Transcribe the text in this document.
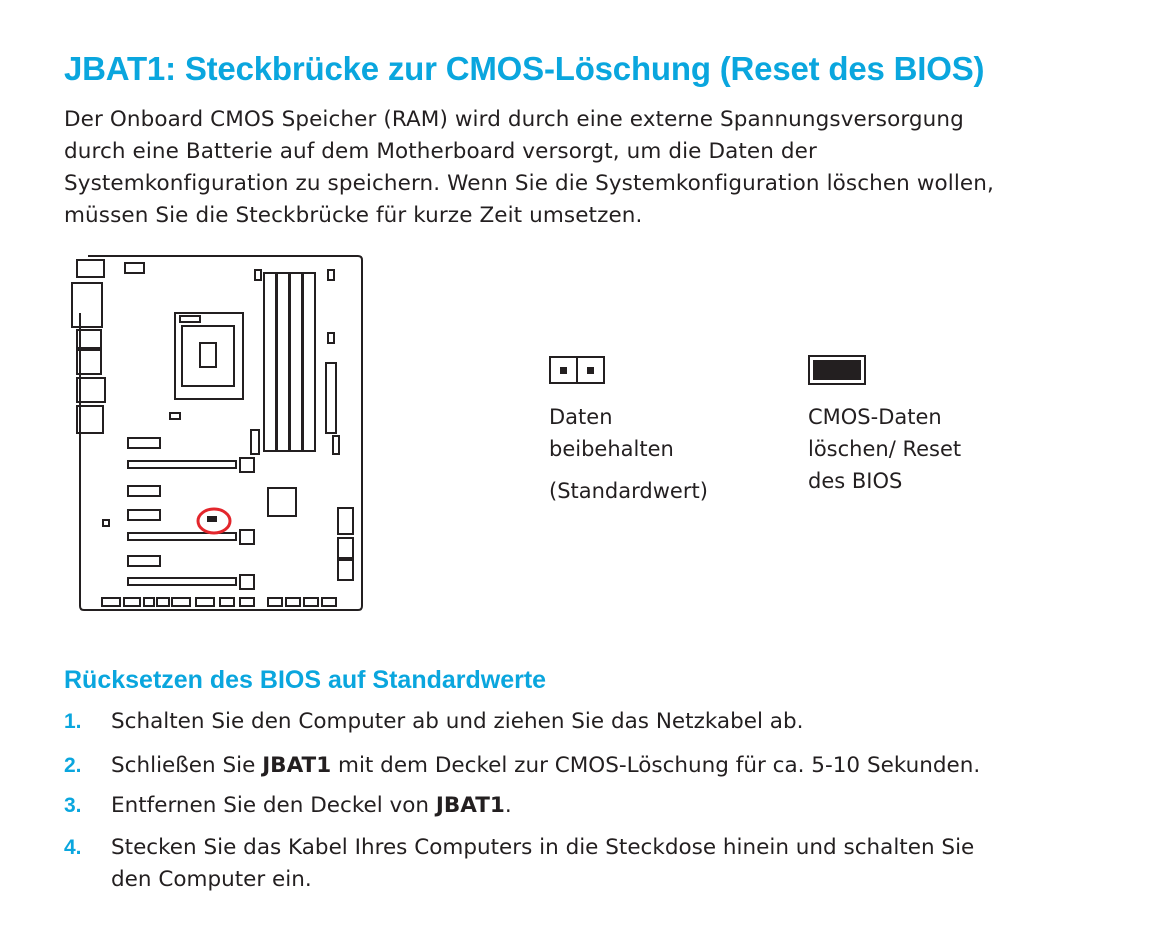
JBAT1: Steckbrücke zur CMOS-Löschung (Reset des BIOS)

Der Onboard CMOS Speicher (RAM) wird durch eine externe Spannungsversorgung
durch eine Batterie auf dem Motherboard versorgt, um die Daten der
Systemkonfiguration zu speichern. Wenn Sie die Systemkonfiguration löschen wollen,
müssen Sie die Steckbrücke für kurze Zeit umsetzen.

Daten
beibehalten
(Standardwert)
CMOS-Daten
löschen/ Reset
des BIOS
Rücksetzen des BIOS auf Standardwerte
1. Schalten Sie den Computer ab und ziehen Sie das Netzkabel ab.
2. Schließen Sie JBAT1 mit dem Deckel zur CMOS-Löschung für ca. 5-10 Sekunden.
3. Entfernen Sie den Deckel von JBAT1.
4. Stecken Sie das Kabel Ihres Computers in die Steckdose hinein und schalten Sie
den Computer ein.
